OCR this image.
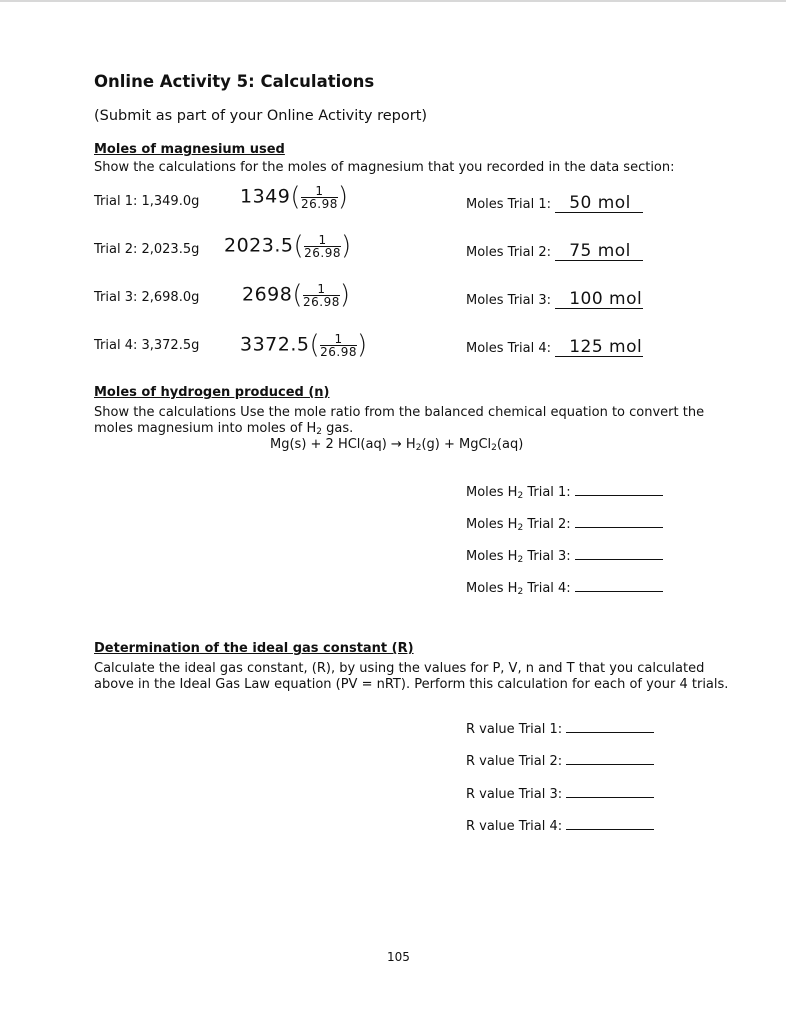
Online Activity 5: Calculations
(Submit as part of your Online Activity report)
Moles of magnesium used
Show the calculations for the moles of magnesium that you recorded in the data section:
Trial 1: 1,349.0g $1349( \frac{1}{26.98}$ )	Moles Trial 1: 50 mol
Trial 2: 2,023.5g $2023.5( \frac{1}{26.98}$ )	Moles Trial 2: 75 mol
Trial 3: 2,698.0g $2698( \frac{1}{26.98}$ )	Moles Trial 3: 100 mol
Trial 4: 3,372.5g $3372.5( \frac{1}{26.98}$ )	Moles Trial 4: 125 mol
Moles of hydrogen produced (n)
Show the calculations Use the mole ratio from the balanced chemical equation to convert the
moles magnesium into moles of $H_2$ gas.
Mg(s) + 2 $HCl(aq) \to H_2(g)$ + MgCl$_2$(aq)
Moles $H_2$ Trial 1:
Moles $H_2$ Trial 2:
Moles $H_2$ Trial 3:
Moles $H_2$ Trial 4:
Determination of the ideal gas constant (R)
Calculate the ideal gas constant, (R), by using the values for P, V, n and T that you calculated
above in the Ideal Gas Law equation (PV = nRT). Perform this calculation for each of your 4 trials.
R value Trial 1:
R value Trial 2:
R value Trial 3:
R value Trial 4:
105
